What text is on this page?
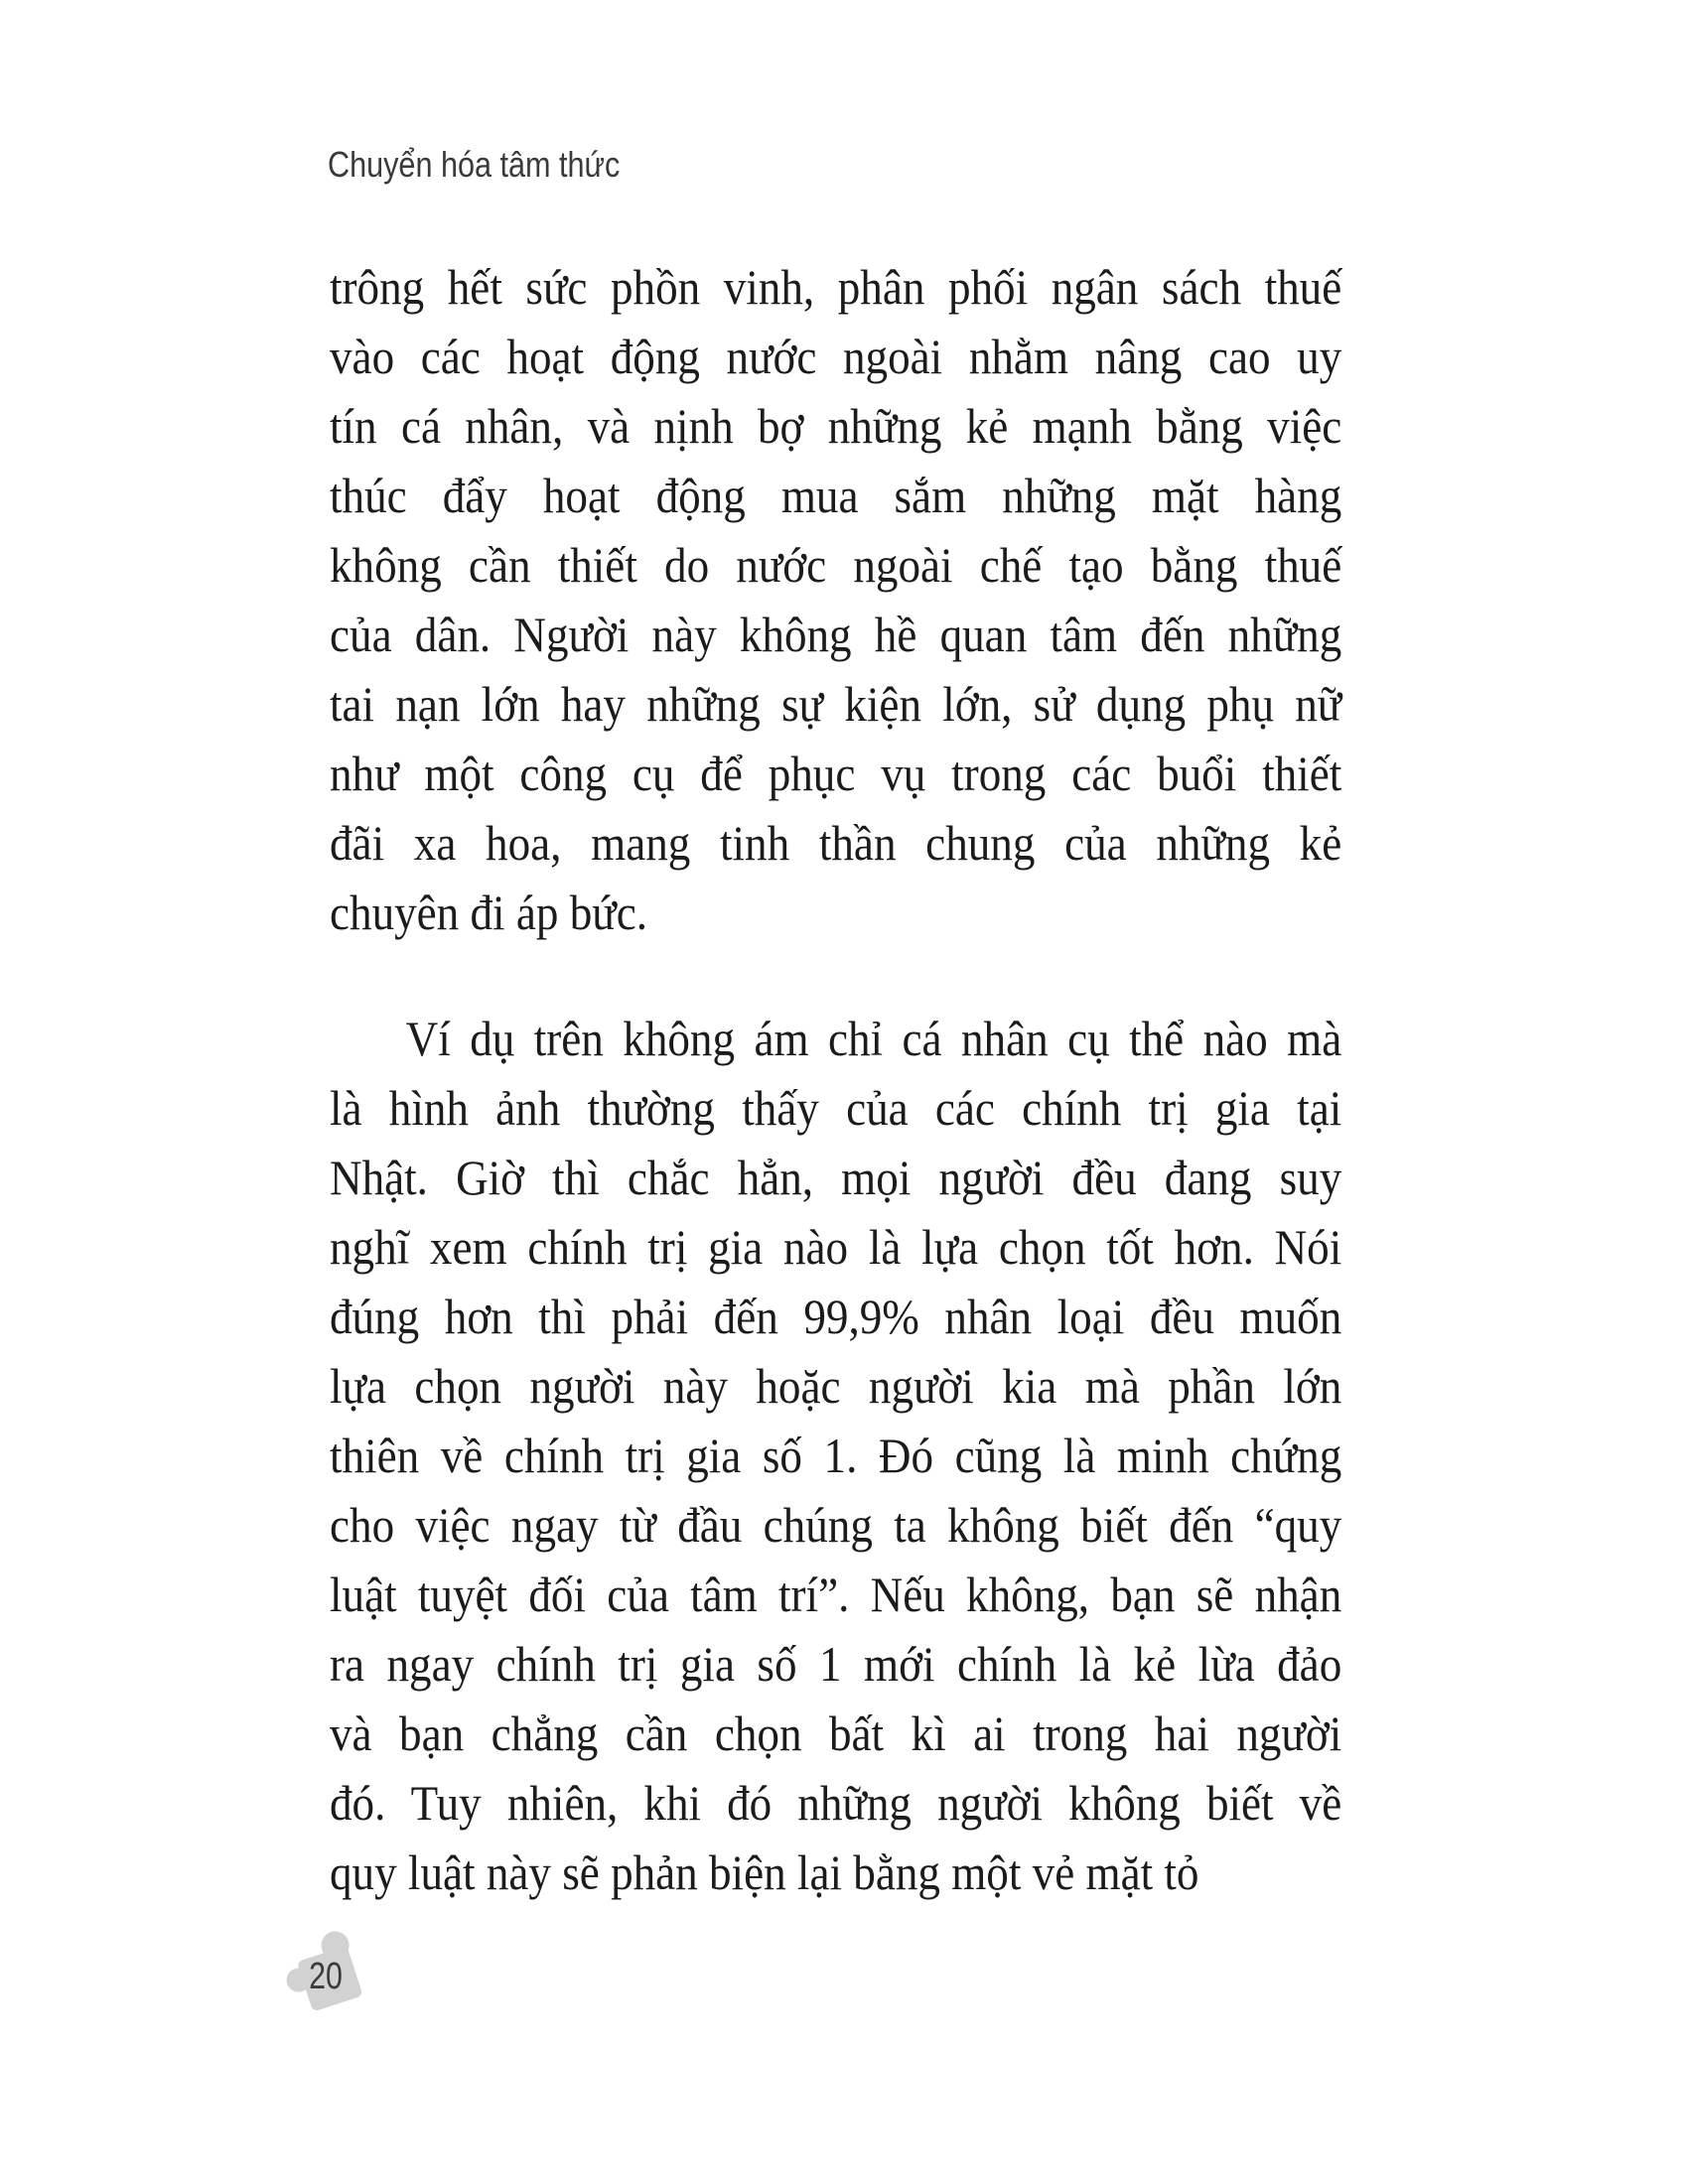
Chuyển hóa tâm thức
trông hết sức phồn vinh, phân phối ngân sách thuế
vào các hoạt động nước ngoài nhằm nâng cao uy
tín cá nhân, và nịnh bợ những kẻ mạnh bằng việc
thúc đẩy hoạt động mua sắm những mặt hàng
không cần thiết do nước ngoài chế tạo bằng thuế
của dân. Người này không hề quan tâm đến những
tai nạn lớn hay những sự kiện lớn, sử dụng phụ nữ
như một công cụ để phục vụ trong các buổi thiết
đãi xa hoa, mang tinh thần chung của những kẻ
chuyên đi áp bức.
Ví dụ trên không ám chỉ cá nhân cụ thể nào mà
là hình ảnh thường thấy của các chính trị gia tại
Nhật. Giờ thì chắc hẳn, mọi người đều đang suy
nghĩ xem chính trị gia nào là lựa chọn tốt hơn. Nói
đúng hơn thì phải đến 99,9% nhân loại đều muốn
lựa chọn người này hoặc người kia mà phần lớn
thiên về chính trị gia số 1. Đó cũng là minh chứng
cho việc ngay từ đầu chúng ta không biết đến “quy
luật tuyệt đối của tâm trí”. Nếu không, bạn sẽ nhận
ra ngay chính trị gia số 1 mới chính là kẻ lừa đảo
và bạn chẳng cần chọn bất kì ai trong hai người
đó. Tuy nhiên, khi đó những người không biết về
quy luật này sẽ phản biện lại bằng một vẻ mặt tỏ
20
